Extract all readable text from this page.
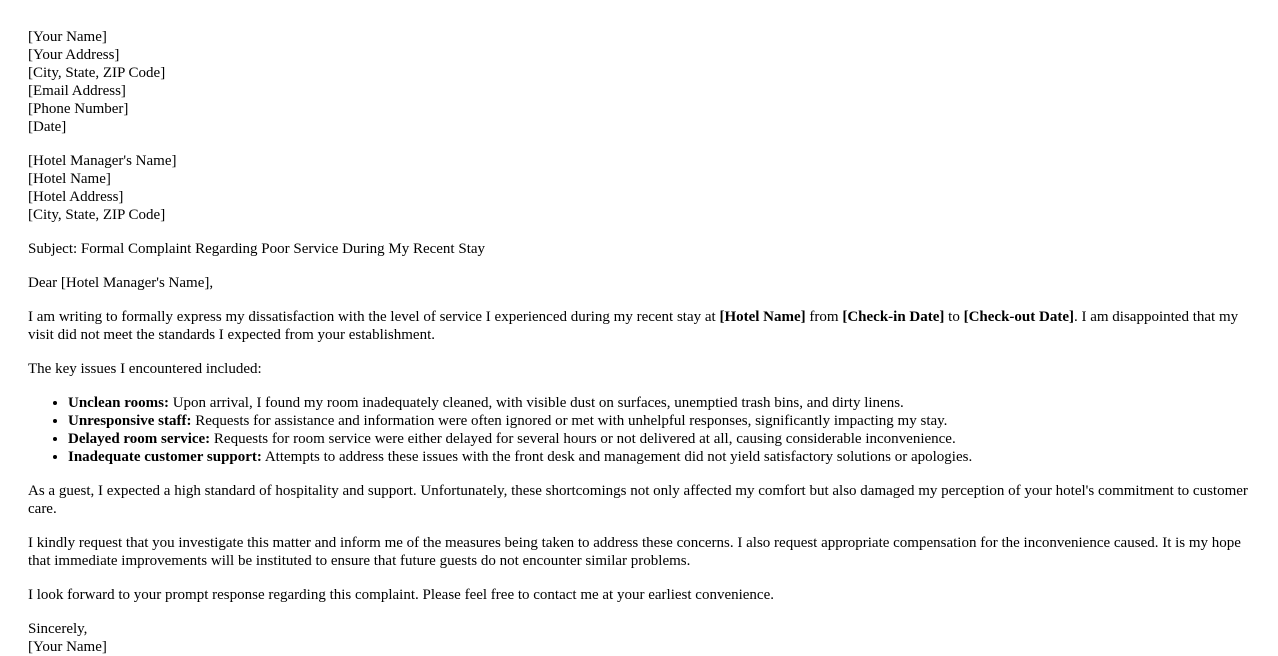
[Your Name]
[Your Address]
[City, State, ZIP Code]
[Email Address]
[Phone Number]
[Date]
[Hotel Manager's Name]
[Hotel Name]
[Hotel Address]
[City, State, ZIP Code]

Subject: Formal Complaint Regarding Poor Service During My Recent Stay

Dear [Hotel Manager's Name],

I am writing to formally express my dissatisfaction with the level of service I experienced during my recent stay at [Hotel Name] from [Check-in Date] to [Check-out Date]. I am disappointed that my visit did not meet the standards I expected from your establishment.

The key issues I encountered included:

• Unclean rooms: Upon arrival, I found my room inadequately cleaned, with visible dust on surfaces, unemptied trash bins, and dirty linens.
• Unresponsive staff: Requests for assistance and information were often ignored or met with unhelpful responses, significantly impacting my stay.
• Delayed room service: Requests for room service were either delayed for several hours or not delivered at all, causing considerable inconvenience.
• Inadequate customer support: Attempts to address these issues with the front desk and management did not yield satisfactory solutions or apologies.

As a guest, I expected a high standard of hospitality and support. Unfortunately, these shortcomings not only affected my comfort but also damaged my perception of your hotel's commitment to customer care.

I kindly request that you investigate this matter and inform me of the measures being taken to address these concerns. I also request appropriate compensation for the inconvenience caused. It is my hope that immediate improvements will be instituted to ensure that future guests do not encounter similar problems.

I look forward to your prompt response regarding this complaint. Please feel free to contact me at your earliest convenience.

Sincerely,
[Your Name]
